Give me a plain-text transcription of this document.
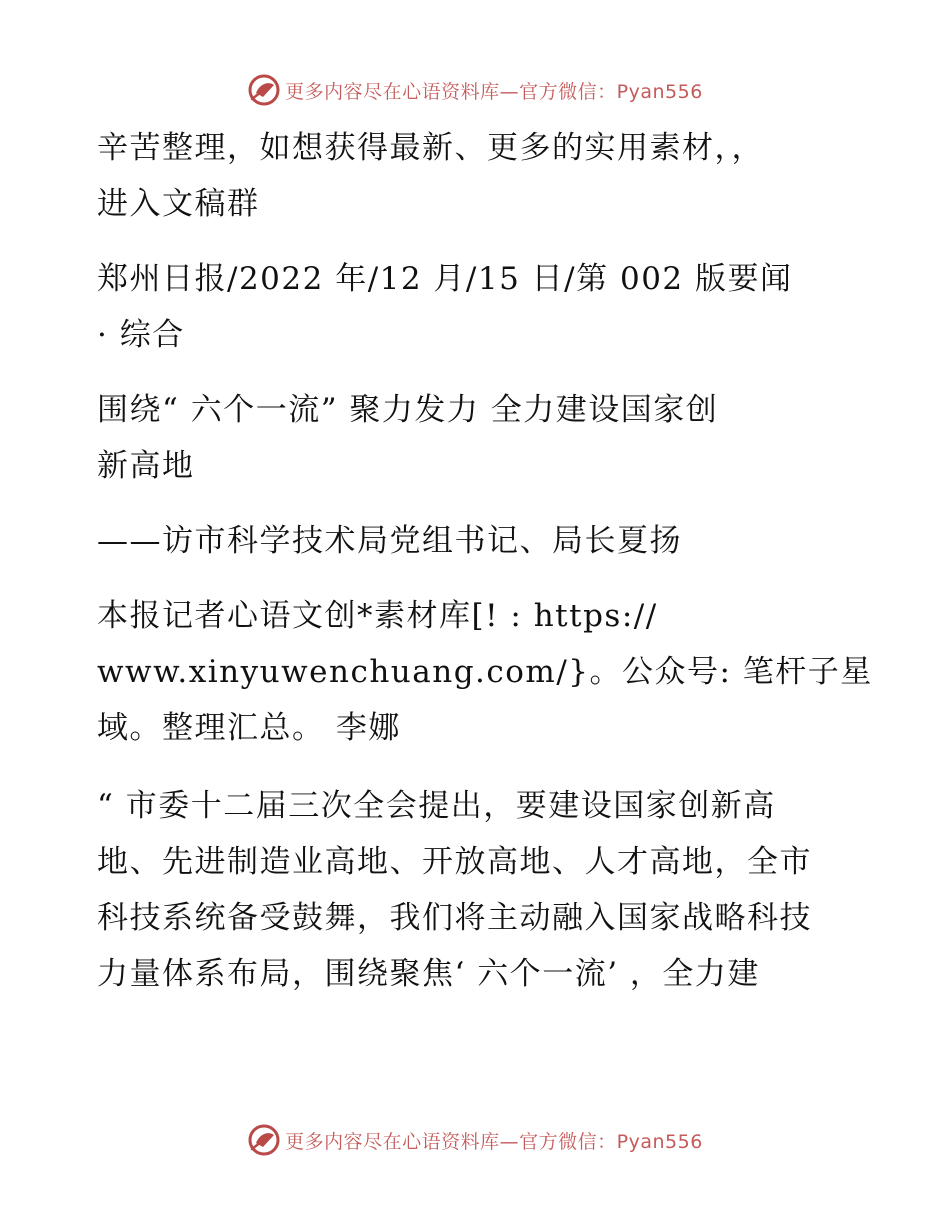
更多内容尽在心语资料库—官方微信：Pyan556

辛苦整理，如想获得最新、更多的实用素材，，
进入文稿群

郑州日报/2022 年/12 月/15 日/第 002 版要闻
· 综合

围绕“ 六个一流” 聚力发力 全力建设国家创
新高地

——访市科学技术局党组书记、局长夏扬

本报记者心语文创*素材库[! : https://
www.xinyuwenchuang.com/}。公众号: 笔杆子星
域。整理汇总。 李娜

“ 市委十二届三次全会提出，要建设国家创新高
地、先进制造业高地、开放高地、人才高地，全市
科技系统备受鼓舞，我们将主动融入国家战略科技
力量体系布局，围绕聚焦‘ 六个一流’ ，全力建

更多内容尽在心语资料库—官方微信：Pyan556
